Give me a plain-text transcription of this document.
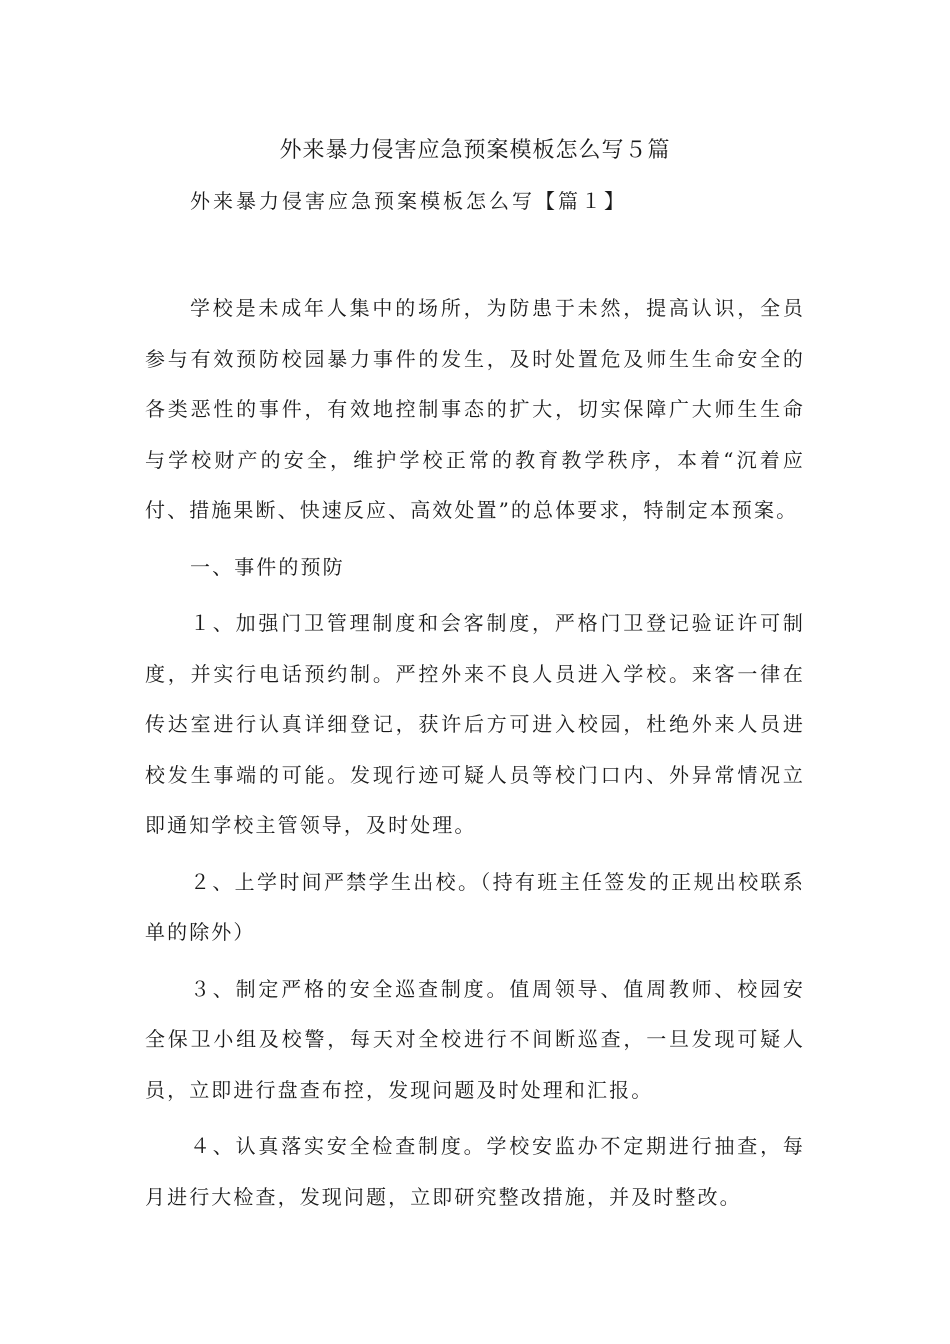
外来暴力侵害应急预案模板怎么写５篇
外来暴力侵害应急预案模板怎么写【篇１】

学校是未成年人集中的场所，为防患于未然，提高认识，全员参与有效预防校园暴力事件的发生，及时处置危及师生生命安全的各类恶性的事件，有效地控制事态的扩大，切实保障广大师生生命与学校财产的安全，维护学校正常的教育教学秩序，本着“沉着应付、措施果断、快速反应、高效处置”的总体要求，特制定本预案。

一、事件的预防

１、加强门卫管理制度和会客制度，严格门卫登记验证许可制度，并实行电话预约制。严控外来不良人员进入学校。来客一律在传达室进行认真详细登记，获许后方可进入校园，杜绝外来人员进校发生事端的可能。发现行迹可疑人员等校门口内、外异常情况立即通知学校主管领导，及时处理。

２、上学时间严禁学生出校。（持有班主任签发的正规出校联系单的除外）

３、制定严格的安全巡查制度。值周领导、值周教师、校园安全保卫小组及校警，每天对全校进行不间断巡查，一旦发现可疑人员，立即进行盘查布控，发现问题及时处理和汇报。

４、认真落实安全检查制度。学校安监办不定期进行抽查，每月进行大检查，发现问题，立即研究整改措施，并及时整改。
